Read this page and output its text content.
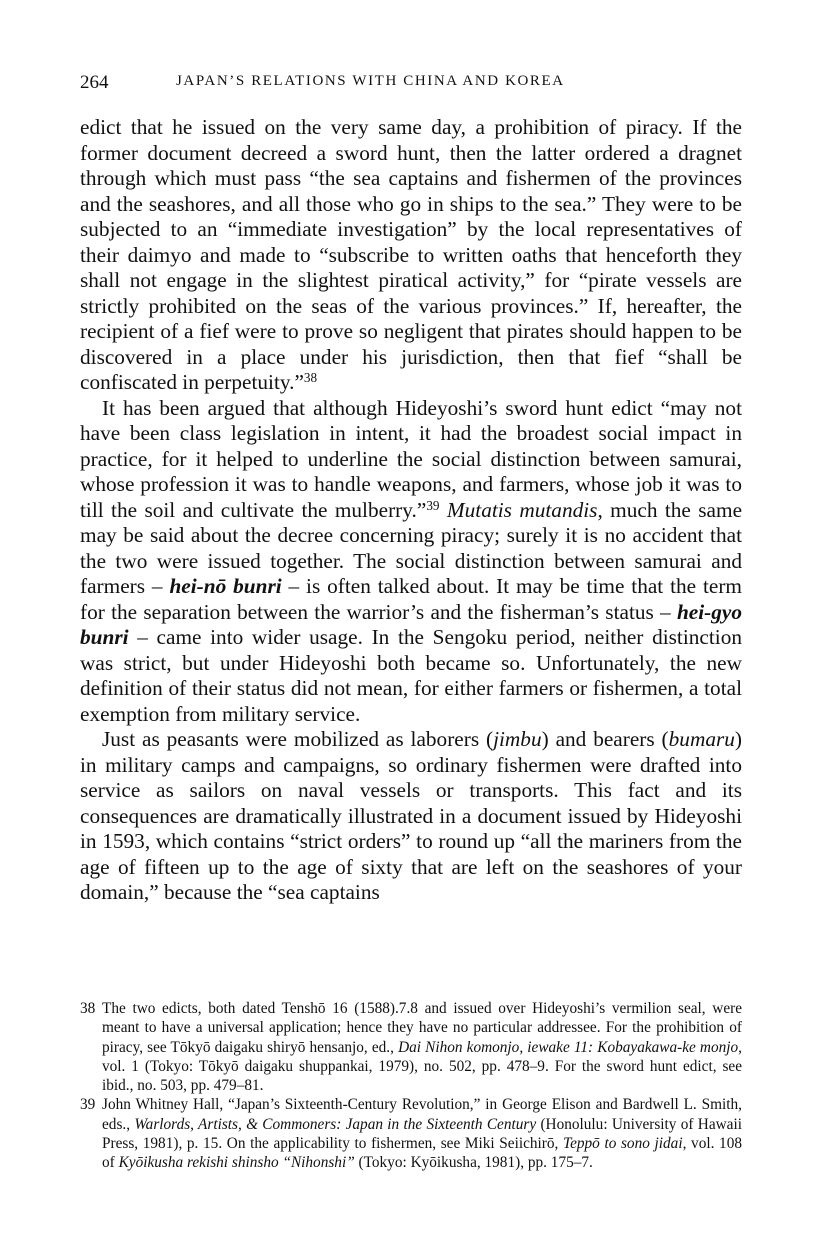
264	JAPAN’S RELATIONS WITH CHINA AND KOREA

edict that he issued on the very same day, a prohibition of piracy. If the former document decreed a sword hunt, then the latter ordered a dragnet through which must pass “the sea captains and fishermen of the provinces and the seashores, and all those who go in ships to the sea.” They were to be subjected to an “immediate investigation” by the local representatives of their daimyo and made to “subscribe to written oaths that henceforth they shall not engage in the slightest piratical activity,” for “pirate vessels are strictly prohibited on the seas of the various provinces.” If, hereafter, the recipient of a fief were to prove so negligent that pirates should happen to be discovered in a place under his jurisdiction, then that fief “shall be confiscated in perpetuity.”$^{38}$

It has been argued that although Hideyoshi’s sword hunt edict “may not have been class legislation in intent, it had the broadest social impact in practice, for it helped to underline the social distinction between samurai, whose profession it was to handle weapons, and farmers, whose job it was to till the soil and cultivate the mulberry.”$^{39}$ Mutatis mutandis, much the same may be said about the decree concerning piracy; surely it is no accident that the two were issued together. The social distinction between samurai and farmers – hei-nō bunri – is often talked about. It may be time that the term for the separation between the warrior’s and the fisherman’s status – hei-gyo bunri – came into wider usage. In the Sengoku period, neither distinction was strict, but under Hideyoshi both became so. Unfortunately, the new definition of their status did not mean, for either farmers or fishermen, a total exemption from military service.

Just as peasants were mobilized as laborers (jimbu) and bearers (bumaru) in military camps and campaigns, so ordinary fishermen were drafted into service as sailors on naval vessels or transports. This fact and its consequences are dramatically illustrated in a document issued by Hideyoshi in 1593, which contains “strict orders” to round up “all the mariners from the age of fifteen up to the age of sixty that are left on the seashores of your domain,” because the “sea captains

38 The two edicts, both dated Tenshō 16 (1588).7.8 and issued over Hideyoshi’s vermilion seal, were meant to have a universal application; hence they have no particular addressee. For the prohibition of piracy, see Tōkyō daigaku shiryō hensanjo, ed., Dai Nihon komonjo, iewake 11: Kobayakawa-ke monjo, vol. 1 (Tokyo: Tōkyō daigaku shuppankai, 1979), no. 502, pp. 478–9. For the sword hunt edict, see ibid., no. 503, pp. 479–81.
39 John Whitney Hall, “Japan’s Sixteenth-Century Revolution,” in George Elison and Bardwell L. Smith, eds., Warlords, Artists, & Commoners: Japan in the Sixteenth Century (Honolulu: University of Hawaii Press, 1981), p. 15. On the applicability to fishermen, see Miki Seiichirō, Teppō to sono jidai, vol. 108 of Kyōikusha rekishi shinsho “Nihonshi” (Tokyo: Kyōikusha, 1981), pp. 175–7.
